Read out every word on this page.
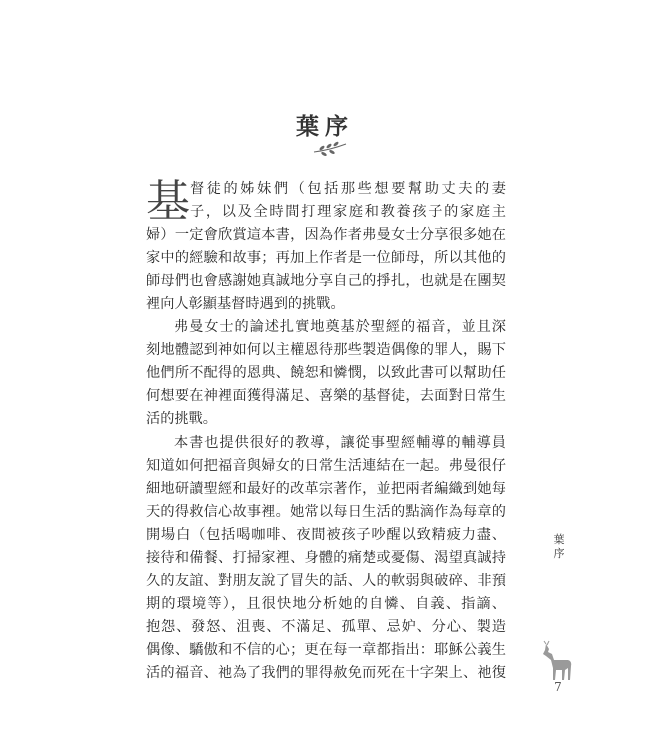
葉序
基 督徒的姊妹們（包括那些想要幫助丈夫的妻
子，以及全時間打理家庭和教養孩子的家庭主
婦）一定會欣賞這本書，因為作者弗曼女士分享很多她在
家中的經驗和故事；再加上作者是一位師母，所以其他的
師母們也會感謝她真誠地分享自己的掙扎，也就是在團契
裡向人彰顯基督時遇到的挑戰。
弗曼女士的論述扎實地奠基於聖經的福音，並且深
刻地體認到神如何以主權恩待那些製造偶像的罪人，賜下
他們所不配得的恩典、饒恕和憐憫，以致此書可以幫助任
何想要在神裡面獲得滿足、喜樂的基督徒，去面對日常生
活的挑戰。
本書也提供很好的教導，讓從事聖經輔導的輔導員
知道如何把福音與婦女的日常生活連結在一起。弗曼很仔
細地研讀聖經和最好的改革宗著作，並把兩者編織到她每
天的得救信心故事裡。她常以每日生活的點滴作為每章的
開場白（包括喝咖啡、夜間被孩子吵醒以致精疲力盡、
接待和備餐、打掃家裡、身體的痛楚或憂傷、渴望真誠持
久的友誼、對朋友說了冒失的話、人的軟弱與破碎、非預
期的環境等），且很快地分析她的自憐、自義、指謫、
抱怨、發怒、沮喪、不滿足、孤單、忌妒、分心、製造
偶像、驕傲和不信的心；更在每一章都指出：耶穌公義生
活的福音、祂為了我們的罪得赦免而死在十字架上、祂復
葉
序
7
